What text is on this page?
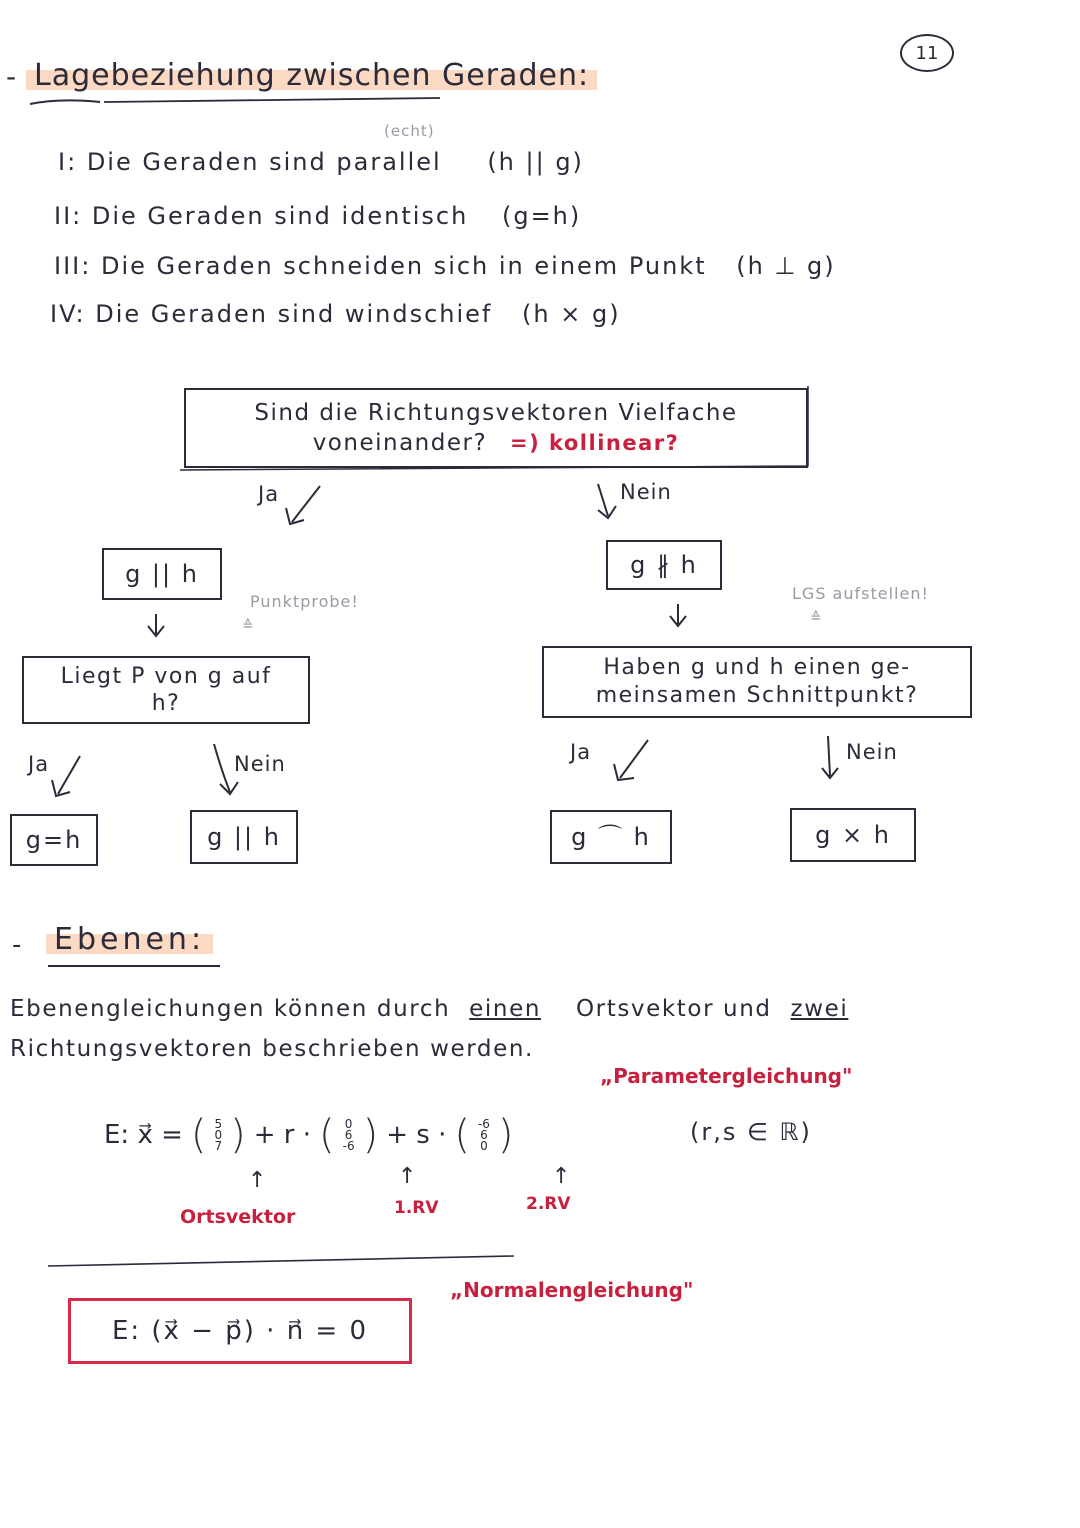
11
- Lagebeziehung zwischen Geraden:
(echt)
I: Die Geraden sind parallel (h || g)
II: Die Geraden sind identisch (g=h)
III: Die Geraden schneiden sich in einem Punkt (h ⊥ g)
IV: Die Geraden sind windschief (h ⨯ g)
Sind die Richtungsvektoren Vielfache
voneinander? =) kollinear?
Ja	Nein
g || h	g ∦ h
Punktprobe!
≙
LGS aufstellen!
≙
Liegt P von g auf
h?
Haben g und h einen ge-
meinsamen Schnittpunkt?
Ja	Nein	Ja	Nein
g=h	g || h	g ⌒ h	g ⨯ h
- Ebenen:
Ebenengleichungen können durch einen Ortsvektor und zwei
Richtungsvektoren beschrieben werden.
„Parametergleichung"
E: x⃗ = ( 5
0
7 ) + r · ( 0
6
-6 ) + s · ( -6
6
0 )	(r,s ∈ ℝ)
↑	↑	↑
Ortsvektor	1.RV	2.RV
„Normalengleichung"
E: (x⃗ − p⃗) · n⃗ = 0
